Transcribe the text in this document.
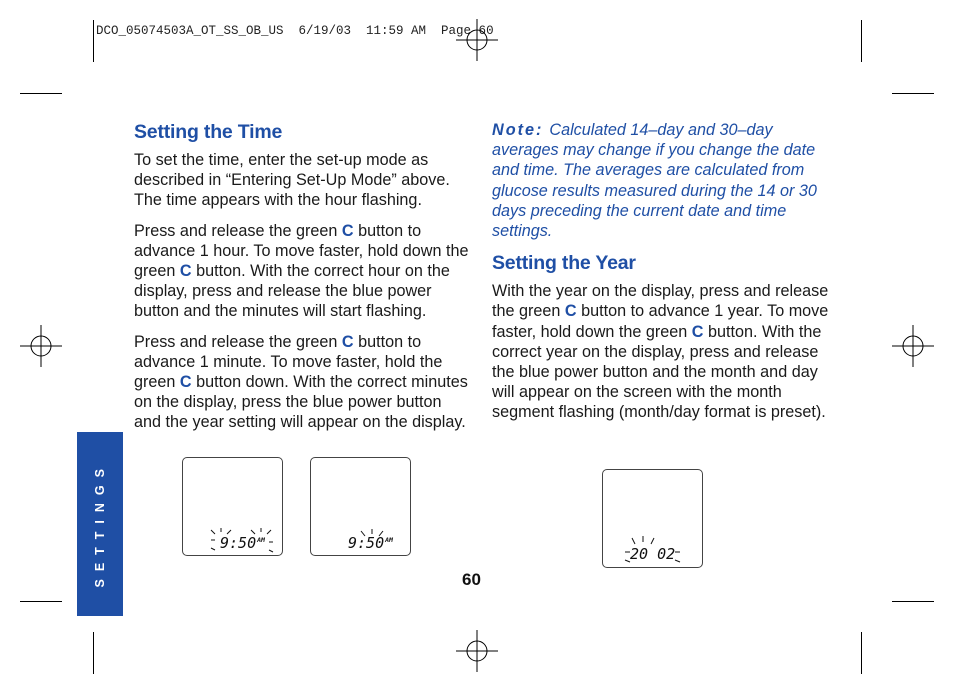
DCO_05074503A_OT_SS_OB_US  6/19/03  11:59 AM  Page 60
SETTINGS
Setting the Time

To set the time, enter the set-up mode as described in “Entering Set-Up Mode” above. The time appears with the hour flashing.

Press and release the green C button to advance 1 hour. To move faster, hold down the green C button. With the correct hour on the display, press and release the blue power button and the minutes will start flashing.

Press and release the green C button to advance 1 minute. To move faster, hold the green C button down. With the correct minutes on the display, press the blue power button and the year setting will appear on the display.

Note: Calculated 14–day and 30–day averages may change if you change the date and time. The averages are calculated from glucose results measured during the 14 or 30 days preceding the current date and time settings.

Setting the Year

With the year on the display, press and release the green C button to advance 1 year. To move faster, hold down the green C button. With the correct year on the display, press and release the blue power button and the month and day will appear on the screen with the month segment flashing (month/day format is preset).

$9:50^{AM}$	$9:50^{AM}$
20 02
60
